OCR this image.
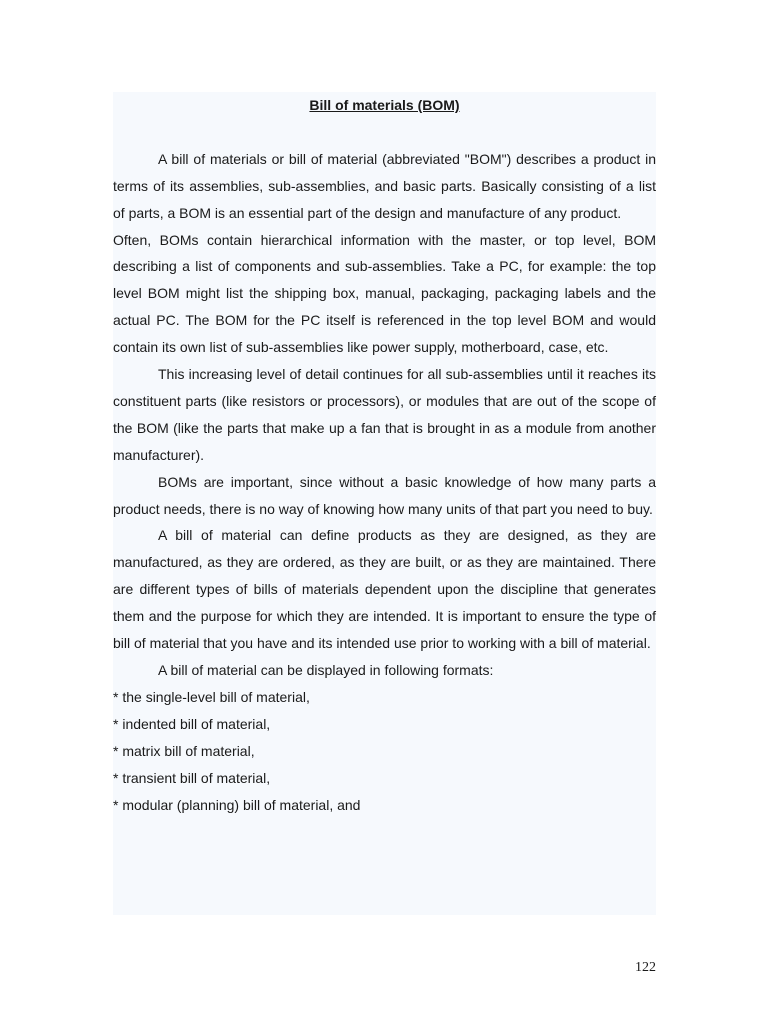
Bill of materials (BOM)

A bill of materials or bill of material (abbreviated "BOM") describes a product in terms of its assemblies, sub-assemblies, and basic parts. Basically consisting of a list of parts, a BOM is an essential part of the design and manufacture of any product.

Often, BOMs contain hierarchical information with the master, or top level, BOM describing a list of components and sub-assemblies. Take a PC, for example: the top level BOM might list the shipping box, manual, packaging, packaging labels and the actual PC. The BOM for the PC itself is referenced in the top level BOM and would contain its own list of sub-assemblies like power supply, motherboard, case, etc.

This increasing level of detail continues for all sub-assemblies until it reaches its constituent parts (like resistors or processors), or modules that are out of the scope of the BOM (like the parts that make up a fan that is brought in as a module from another manufacturer).

BOMs are important, since without a basic knowledge of how many parts a product needs, there is no way of knowing how many units of that part you need to buy.

A bill of material can define products as they are designed, as they are manufactured, as they are ordered, as they are built, or as they are maintained. There are different types of bills of materials dependent upon the discipline that generates them and the purpose for which they are intended. It is important to ensure the type of bill of material that you have and its intended use prior to working with a bill of material.

A bill of material can be displayed in following formats:

* the single-level bill of material,

* indented bill of material,

* matrix bill of material,

* transient bill of material,

* modular (planning) bill of material, and

122
